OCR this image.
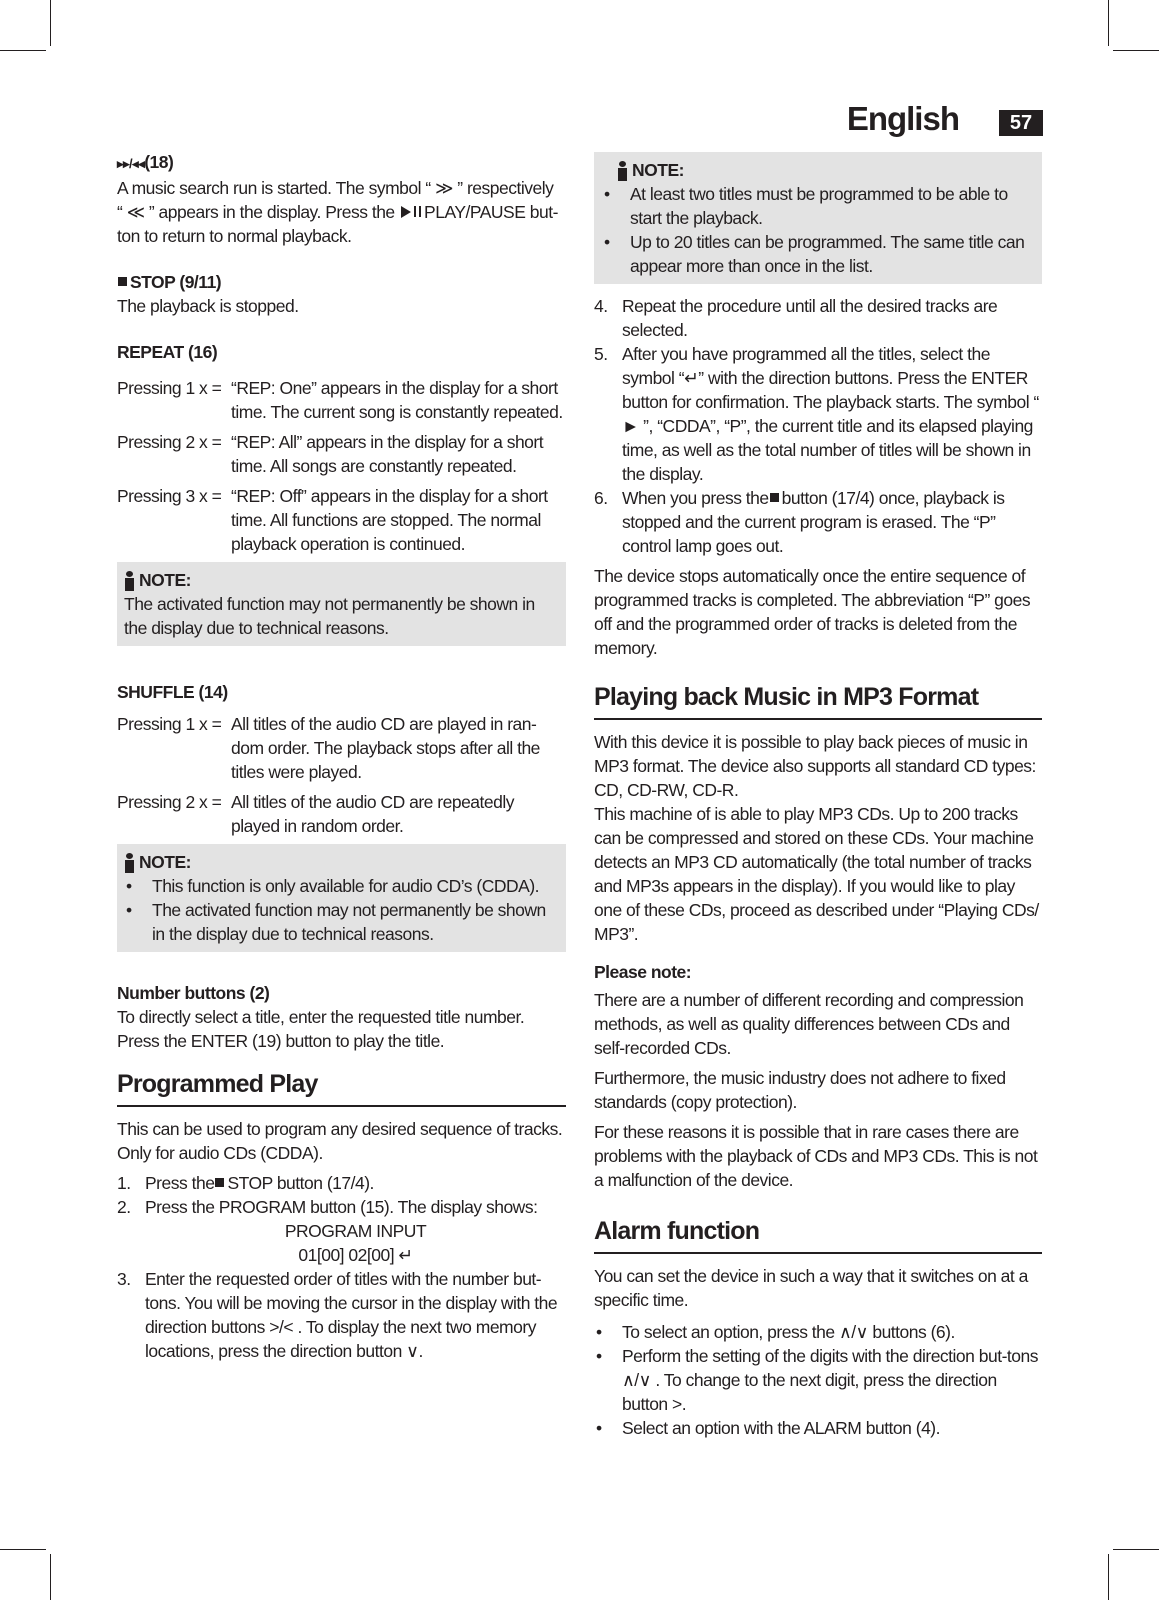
English	57
▸▸/◂◂(18)

A music search run is started. The symbol “ ≫ ” respectively
“ ≪ ” appears in the display. Press the PLAY/PAUSE but-
ton to return to normal playback.

STOP (9/11)

The playback is stopped.

REPEAT (16)
Pressing 1 x = “REP: One” appears in the display for a short time. The current song is constantly repeated.
Pressing 2 x = “REP: All” appears in the display for a short time. All songs are constantly repeated.
Pressing 3 x = “REP: Off” appears in the display for a short time. All functions are stopped. The normal playback operation is continued.
NOTE:

The activated function may not permanently be shown in the display due to technical reasons.

SHUFFLE (14)
Pressing 1 x = All titles of the audio CD are played in ran-dom order. The playback stops after all the titles were played.
Pressing 2 x = All titles of the audio CD are repeatedly played in random order.
NOTE:
• This function is only available for audio CD’s (CDDA).
• The activated function may not permanently be shown in the display due to technical reasons.
Number buttons (2)

To directly select a title, enter the requested title number. Press the ENTER (19) button to play the title.

Programmed Play

This can be used to program any desired sequence of tracks. Only for audio CDs (CDDA).

1. Press the STOP button (17/4).
2. Press the PROGRAM button (15). The display shows:
PROGRAM INPUT
01[00] 02[00] ↵
3. Enter the requested order of titles with the number but-tons. You will be moving the cursor in the display with the direction buttons >/< . To display the next two memory locations, press the direction button ∨.
NOTE:
• At least two titles must be programmed to be able to start the playback.
• Up to 20 titles can be programmed. The same title can appear more than once in the list.
4. Repeat the procedure until all the desired tracks are selected.
5. After you have programmed all the titles, select the symbol “↵” with the direction buttons. Press the ENTER button for confirmation. The playback starts. The symbol “ ► ”, “CDDA”, “P”, the current title and its elapsed playing time, as well as the total number of titles will be shown in the display.
6. When you press the button (17/4) once, playback is stopped and the current program is erased. The “P” control lamp goes out.

The device stops automatically once the entire sequence of programmed tracks is completed. The abbreviation “P” goes off and the programmed order of tracks is deleted from the memory.

Playing back Music in MP3 Format

With this device it is possible to play back pieces of music in MP3 format. The device also supports all standard CD types: CD, CD-RW, CD-R.

This machine of is able to play MP3 CDs. Up to 200 tracks can be compressed and stored on these CDs. Your machine detects an MP3 CD automatically (the total number of tracks and MP3s appears in the display). If you would like to play one of these CDs, proceed as described under “Playing CDs/ MP3”.

Please note:

There are a number of different recording and compression methods, as well as quality differences between CDs and self-recorded CDs.

Furthermore, the music industry does not adhere to fixed standards (copy protection).

For these reasons it is possible that in rare cases there are problems with the playback of CDs and MP3 CDs. This is not a malfunction of the device.

Alarm function

You can set the device in such a way that it switches on at a specific time.

• To select an option, press the ∧/∨ buttons (6).
• Perform the setting of the digits with the direction but-tons ∧/∨ . To change to the next digit, press the direction button >.
• Select an option with the ALARM button (4).
